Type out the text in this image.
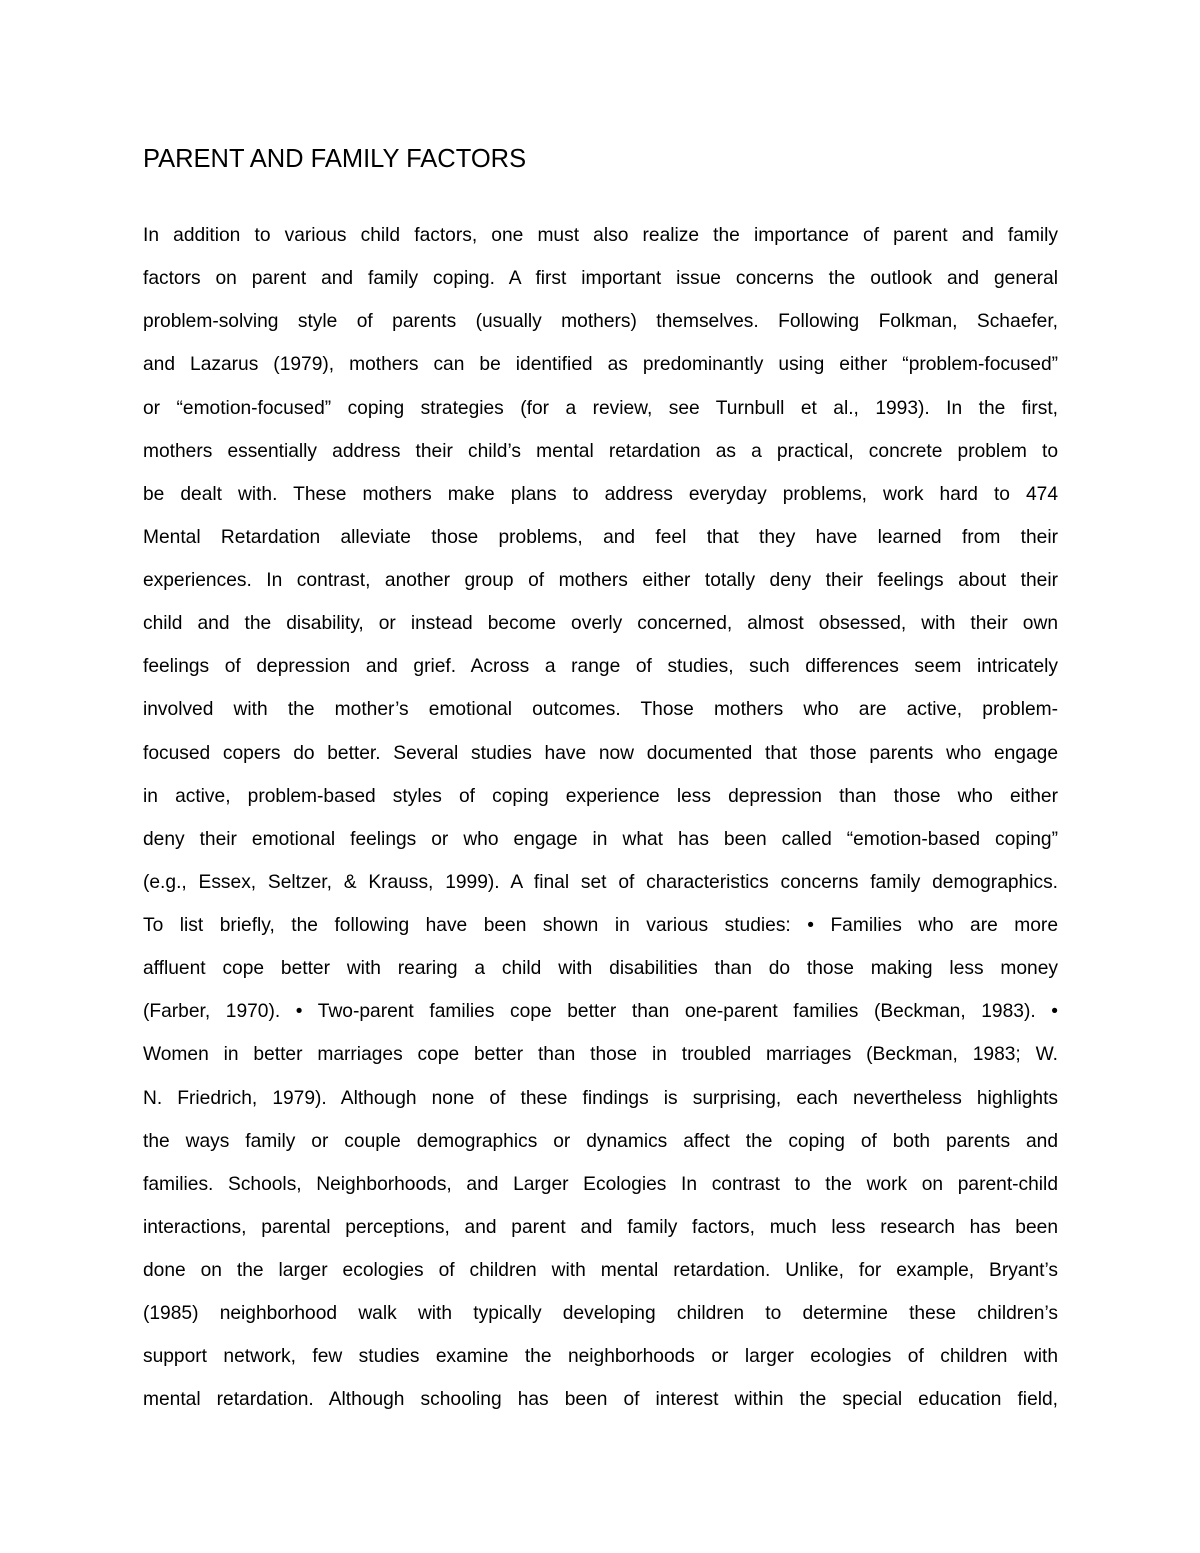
PARENT AND FAMILY FACTORS
In addition to various child factors, one must also realize the importance of parent and family
factors on parent and family coping. A first important issue concerns the outlook and general
problem-solving style of parents (usually mothers) themselves. Following Folkman, Schaefer,
and Lazarus (1979), mothers can be identified as predominantly using either “problem-focused”
or “emotion-focused” coping strategies (for a review, see Turnbull et al., 1993). In the first,
mothers essentially address their child’s mental retardation as a practical, concrete problem to
be dealt with. These mothers make plans to address everyday problems, work hard to 474
Mental Retardation alleviate those problems, and feel that they have learned from their
experiences. In contrast, another group of mothers either totally deny their feelings about their
child and the disability, or instead become overly concerned, almost obsessed, with their own
feelings of depression and grief. Across a range of studies, such differences seem intricately
involved with the mother’s emotional outcomes. Those mothers who are active, problem-
focused copers do better. Several studies have now documented that those parents who engage
in active, problem-based styles of coping experience less depression than those who either
deny their emotional feelings or who engage in what has been called “emotion-based coping”
(e.g., Essex, Seltzer, & Krauss, 1999). A final set of characteristics concerns family demographics.
To list briefly, the following have been shown in various studies: • Families who are more
affluent cope better with rearing a child with disabilities than do those making less money
(Farber, 1970). • Two-parent families cope better than one-parent families (Beckman, 1983). •
Women in better marriages cope better than those in troubled marriages (Beckman, 1983; W.
N. Friedrich, 1979). Although none of these findings is surprising, each nevertheless highlights
the ways family or couple demographics or dynamics affect the coping of both parents and
families. Schools, Neighborhoods, and Larger Ecologies In contrast to the work on parent-child
interactions, parental perceptions, and parent and family factors, much less research has been
done on the larger ecologies of children with mental retardation. Unlike, for example, Bryant’s
(1985) neighborhood walk with typically developing children to determine these children’s
support network, few studies examine the neighborhoods or larger ecologies of children with
mental retardation. Although schooling has been of interest within the special education field,
